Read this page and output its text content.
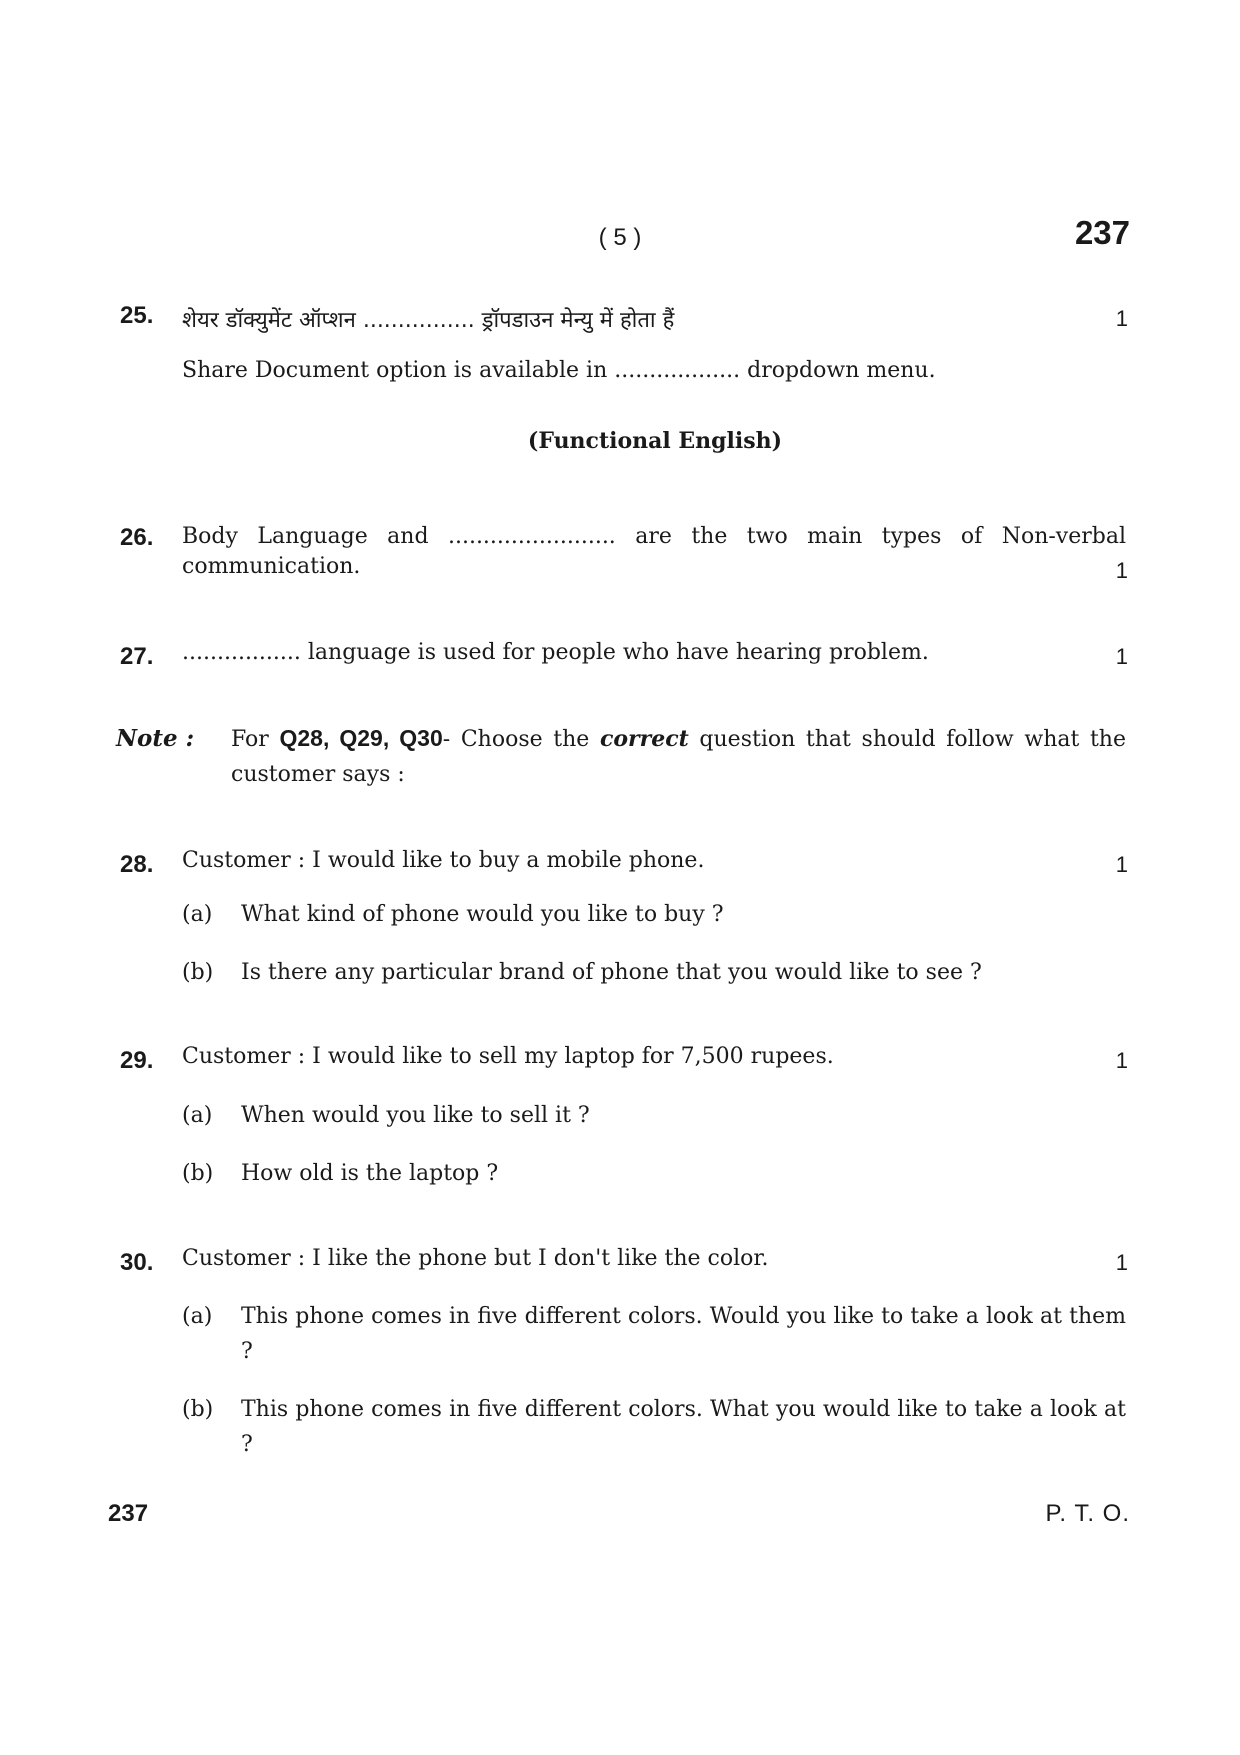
( 5 )	237
25. शेयर डॉक्युमेंट ऑप्शन ................ ड्रॉपडाउन मेन्यु में होता हैं	1
Share Document option is available in .................. dropdown menu.
(Functional English)
26. Body Language and ........................ are the two main types of Non-verbal
communication.	1
27. ................. language is used for people who have hearing problem.	1
Note : For Q28, Q29, Q30- Choose the correct question that should follow what the customer says :
28. Customer : I would like to buy a mobile phone.	1
(a) What kind of phone would you like to buy ?
(b) Is there any particular brand of phone that you would like to see ?
29. Customer : I would like to sell my laptop for 7,500 rupees.	1
(a) When would you like to sell it ?
(b) How old is the laptop ?
30. Customer : I like the phone but I don't like the color.	1
(a) This phone comes in five different colors. Would you like to take a look at them ?
(b) This phone comes in five different colors. What you would like to take a look at ?
237	P. T. O.
